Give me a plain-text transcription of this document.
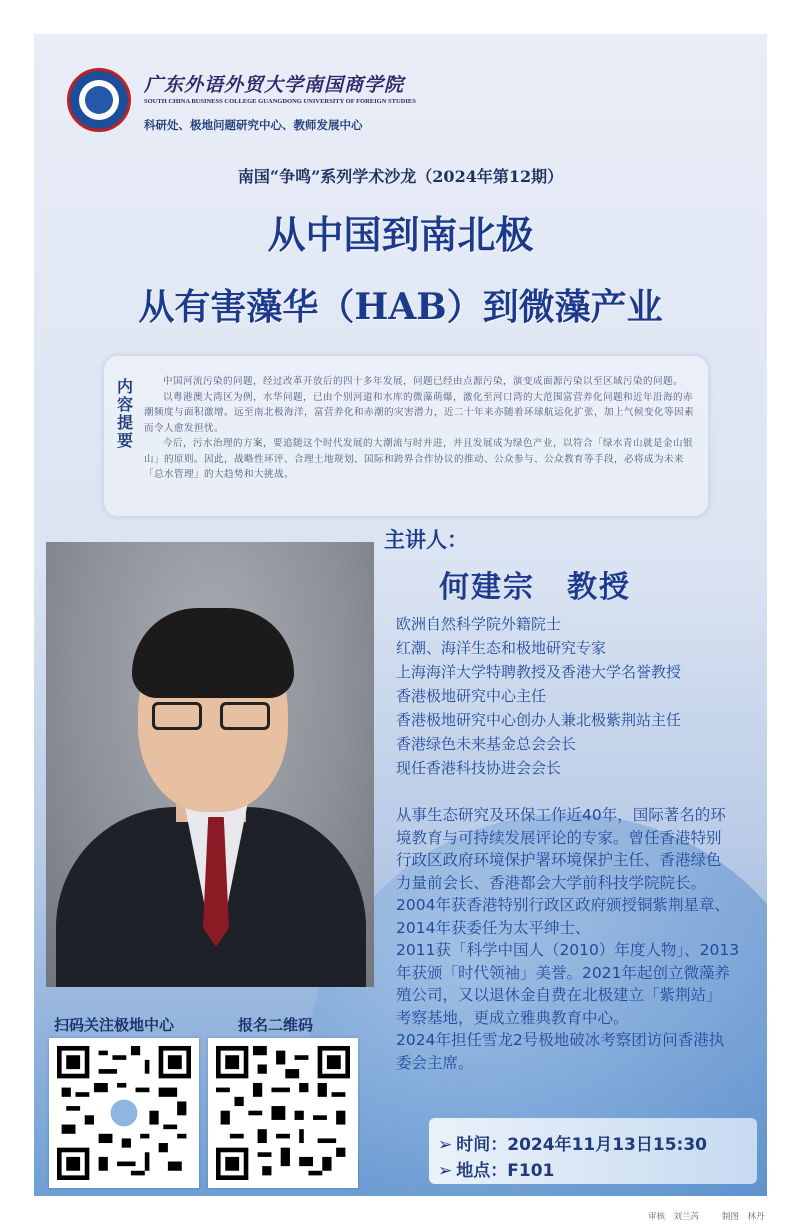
广东外语外贸大学南国商学院
SOUTH CHINA BUSINESS COLLEGE GUANGDONG UNIVERSITY OF FOREIGN STUDIES
科研处、极地问题研究中心、教师发展中心
南国“争鸣”系列学术沙龙（2024年第12期）
从中国到南北极
从有害藻华（HAB）到微藻产业
内容提要

中国河流污染的问题，经过改革开放后的四十多年发展，问题已经由点源污染，演变成面源污染以至区域污染的问题。

以粤港澳大湾区为例，水华问题，已由个别河道和水库的微藻萌爆，激化至河口湾的大范围富营养化问题和近年沿海的赤潮频度与面积激增。远至南北极海洋，富营养化和赤潮的灾害潜力，近二十年来亦随着环球航运化扩张，加上气候变化等因素而令人愈发担忧。

今后，污水治理的方案，要追随这个时代发展的大潮流与时并进，并且发展成为绿色产业，以符合「绿水青山就是金山银山」的原则。因此，战略性环评、合理土地规划、国际和跨界合作协议的推动、公众参与、公众教育等手段，必将成为未来「总水管理」的大趋势和大挑战。

主讲人：
何建宗　教授
欧洲自然科学院外籍院士
红潮、海洋生态和极地研究专家
上海海洋大学特聘教授及香港大学名誉教授
香港极地研究中心主任
香港极地研究中心创办人兼北极紫荆站主任
香港绿色未来基金总会会长
现任香港科技协进会会长
从事生态研究及环保工作近40年，国际著名的环
境教育与可持续发展评论的专家。曾任香港特别
行政区政府环境保护署环境保护主任、香港绿色
力量前会长、香港都会大学前科技学院院长。
2004年获香港特别行政区政府颁授铜紫荆星章、
2014年获委任为太平绅士、
2011获「科学中国人（2010）年度人物」、2013
年获颁「时代领袖」美誉。2021年起创立微藻养
殖公司，又以退休金自费在北极建立「紫荆站」
考察基地，更成立雅典教育中心。
2024年担任雪龙2号极地破冰考察团访问香港执
委会主席。
扫码关注极地中心	报名二维码
➢ 时间：2024年11月13日15:30
➢ 地点：F101
审核　刘兰芮	制图　林丹
